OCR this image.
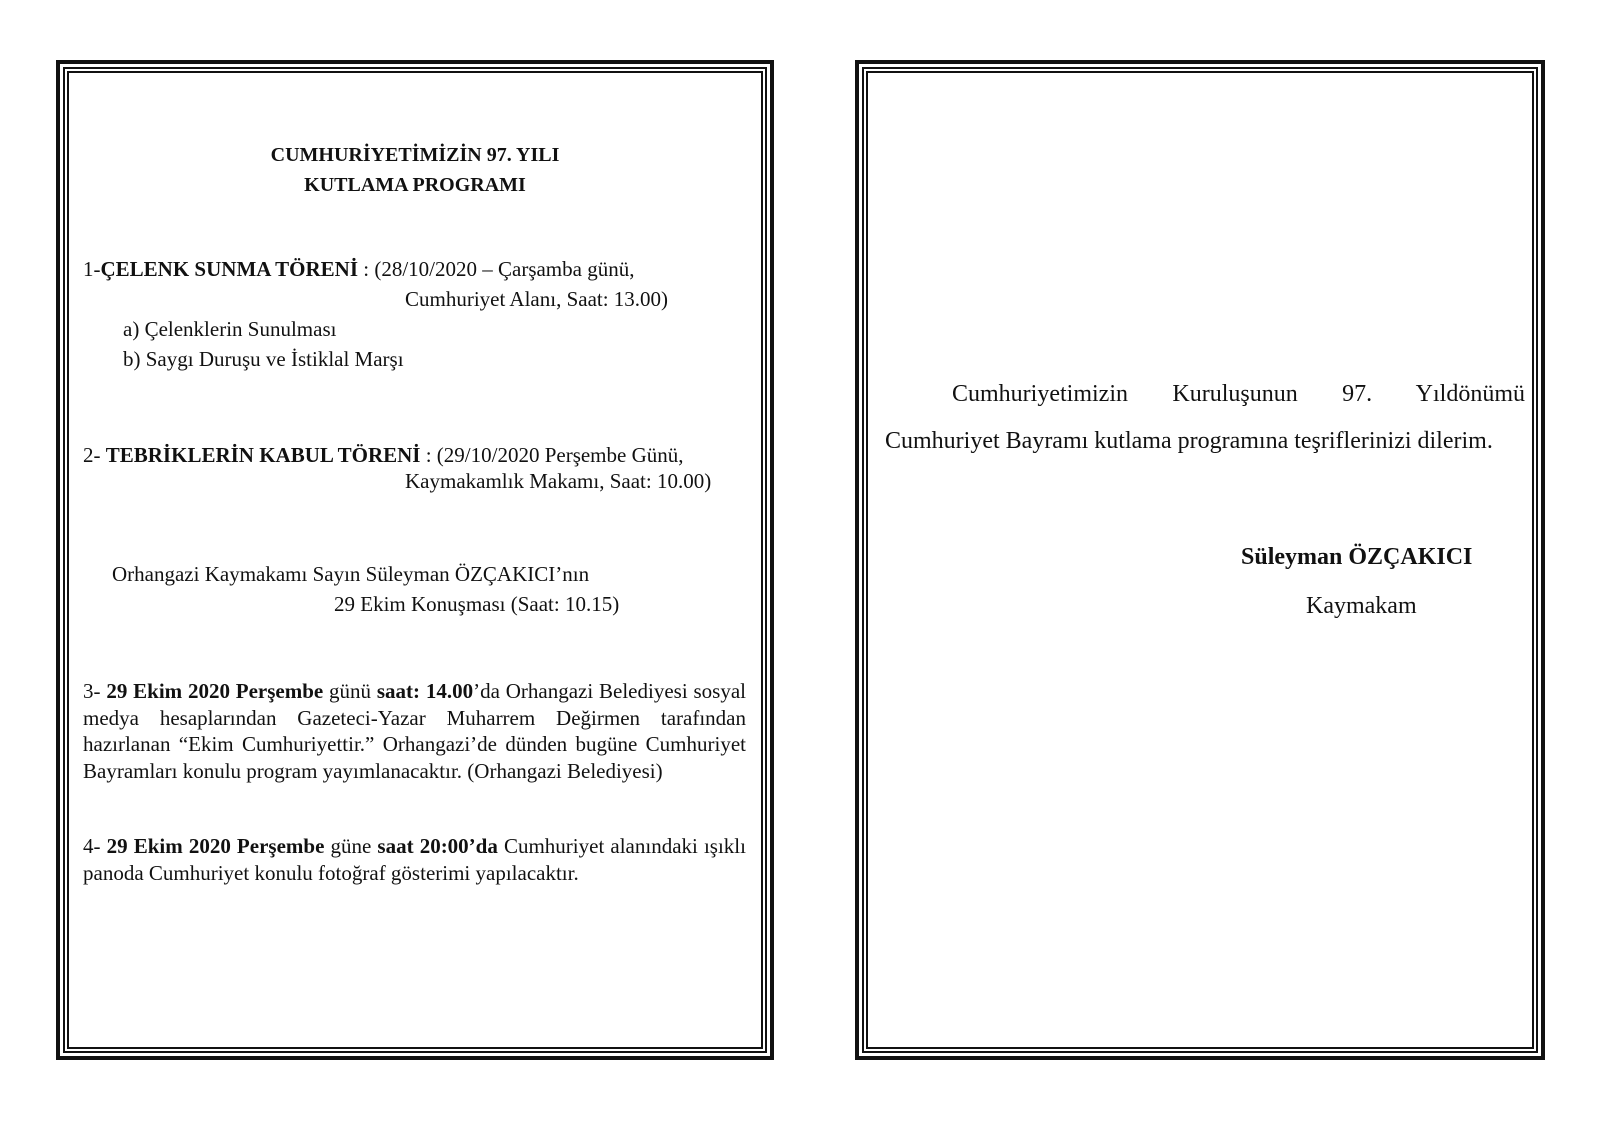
CUMHURİYETİMİZİN 97. YILI
KUTLAMA PROGRAMI
1-ÇELENK SUNMA TÖRENİ : (28/10/2020 – Çarşamba günü,
Cumhuriyet Alanı, Saat: 13.00)
a) Çelenklerin Sunulması
b) Saygı Duruşu ve İstiklal Marşı
2- TEBRİKLERİN KABUL TÖRENİ : (29/10/2020 Perşembe Günü,
Kaymakamlık Makamı, Saat: 10.00)
Orhangazi Kaymakamı Sayın Süleyman ÖZÇAKICI’nın
29 Ekim Konuşması (Saat: 10.15)
3- 29 Ekim 2020 Perşembe günü saat: 14.00’da Orhangazi Belediyesi sosyal medya hesaplarından Gazeteci-Yazar Muharrem Değirmen tarafından hazırlanan “Ekim Cumhuriyettir.” Orhangazi’de dünden bugüne Cumhuriyet Bayramları konulu program yayımlanacaktır. (Orhangazi Belediyesi)
4- 29 Ekim 2020 Perşembe güne saat 20:00’da Cumhuriyet alanındaki ışıklı panoda Cumhuriyet konulu fotoğraf gösterimi yapılacaktır.
Cumhuriyetimizin Kuruluşunun 97. Yıldönümü Cumhuriyet Bayramı kutlama programına teşriflerinizi dilerim.
Süleyman ÖZÇAKICI
Kaymakam
